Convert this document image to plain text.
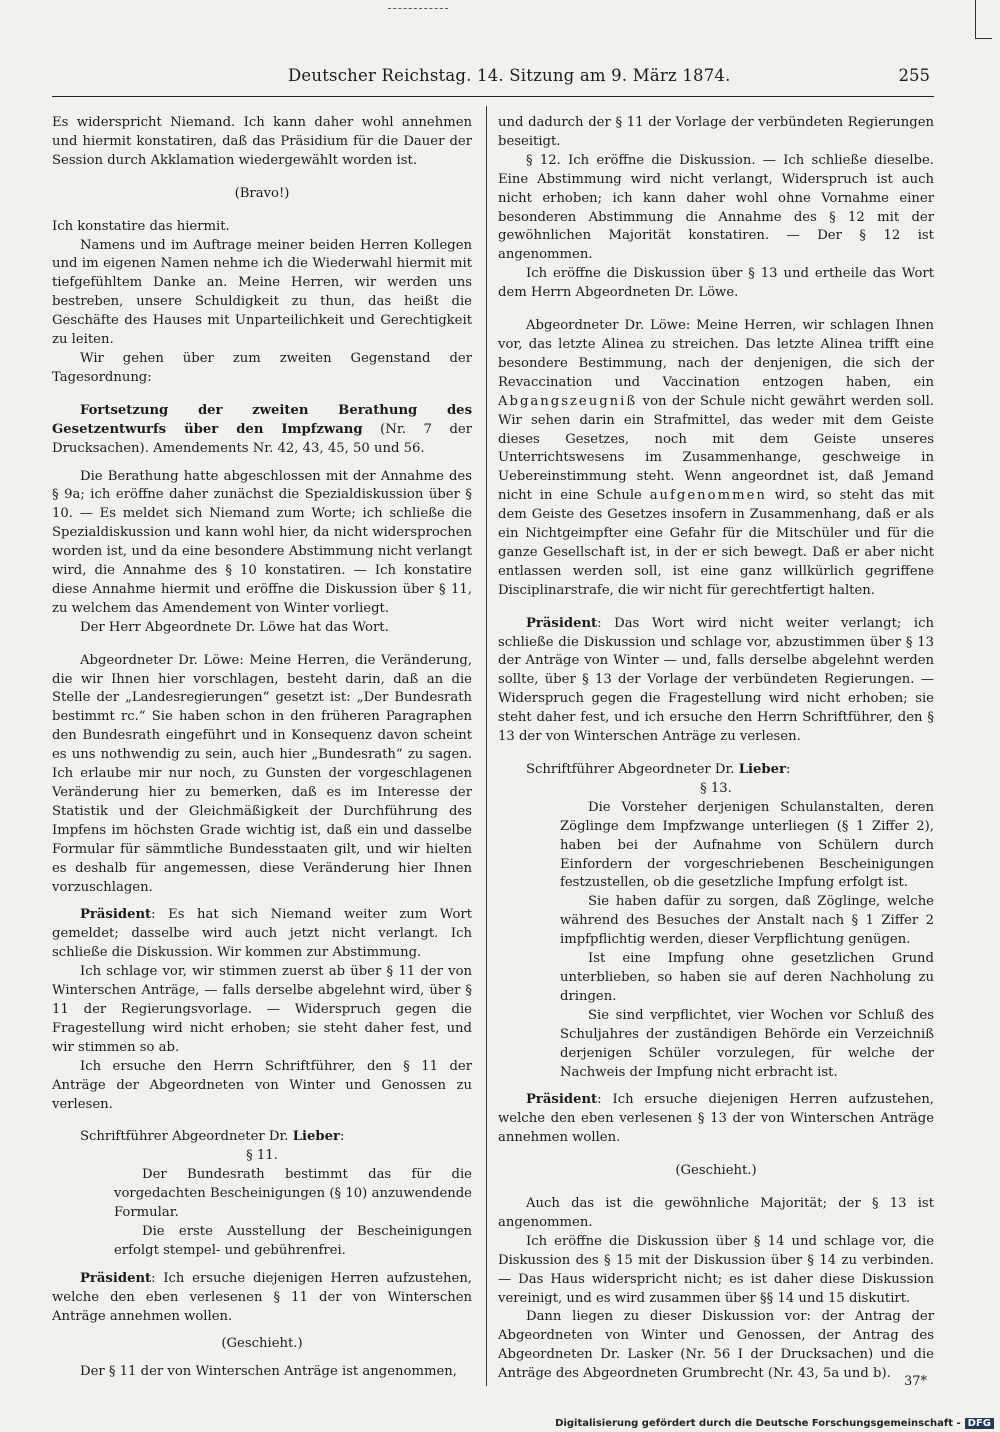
Deutscher Reichstag. 14. Sitzung am 9. März 1874.	255

Es widerspricht Niemand. Ich kann daher wohl annehmen und hiermit konstatiren, daß das Präsidium für die Dauer der Session durch Akklamation wiedergewählt worden ist.

(Bravo!)

Ich konstatire das hiermit.

Namens und im Auftrage meiner beiden Herren Kollegen und im eigenen Namen nehme ich die Wiederwahl hiermit mit tiefgefühltem Danke an. Meine Herren, wir werden uns bestreben, unsere Schuldigkeit zu thun, das heißt die Geschäfte des Hauses mit Unparteilichkeit und Gerechtigkeit zu leiten.

Wir gehen über zum zweiten Gegenstand der Tagesordnung:

Fortsetzung der zweiten Berathung des Gesetzentwurfs über den Impfzwang (Nr. 7 der Drucksachen). Amendements Nr. 42, 43, 45, 50 und 56.

Die Berathung hatte abgeschlossen mit der Annahme des § 9a; ich eröffne daher zunächst die Spezialdiskussion über § 10. — Es meldet sich Niemand zum Worte; ich schließe die Spezialdiskussion und kann wohl hier, da nicht widersprochen worden ist, und da eine besondere Abstimmung nicht verlangt wird, die Annahme des § 10 konstatiren. — Ich konstatire diese Annahme hiermit und eröffne die Diskussion über § 11, zu welchem das Amendement von Winter vorliegt.

Der Herr Abgeordnete Dr. Löwe hat das Wort.

Abgeordneter Dr. Löwe: Meine Herren, die Veränderung, die wir Ihnen hier vorschlagen, besteht darin, daß an die Stelle der „Landesregierungen“ gesetzt ist: „Der Bundesrath bestimmt rc.“ Sie haben schon in den früheren Paragraphen den Bundesrath eingeführt und in Konsequenz davon scheint es uns nothwendig zu sein, auch hier „Bundesrath“ zu sagen. Ich erlaube mir nur noch, zu Gunsten der vorgeschlagenen Veränderung hier zu bemerken, daß es im Interesse der Statistik und der Gleichmäßigkeit der Durchführung des Impfens im höchsten Grade wichtig ist, daß ein und dasselbe Formular für sämmtliche Bundesstaaten gilt, und wir hielten es deshalb für angemessen, diese Veränderung hier Ihnen vorzuschlagen.

Präsident: Es hat sich Niemand weiter zum Wort gemeldet; dasselbe wird auch jetzt nicht verlangt. Ich schließe die Diskussion. Wir kommen zur Abstimmung.

Ich schlage vor, wir stimmen zuerst ab über § 11 der von Winterschen Anträge, — falls derselbe abgelehnt wird, über § 11 der Regierungsvorlage. — Widerspruch gegen die Fragestellung wird nicht erhoben; sie steht daher fest, und wir stimmen so ab.

Ich ersuche den Herrn Schriftführer, den § 11 der Anträge der Abgeordneten von Winter und Genossen zu verlesen.

Schriftführer Abgeordneter Dr. Lieber:

§ 11.

Der Bundesrath bestimmt das für die vorgedachten Bescheinigungen (§ 10) anzuwendende Formular.

Die erste Ausstellung der Bescheinigungen erfolgt stempel- und gebührenfrei.

Präsident: Ich ersuche diejenigen Herren aufzustehen, welche den eben verlesenen § 11 der von Winterschen Anträge annehmen wollen.

(Geschieht.)

Der § 11 der von Winterschen Anträge ist angenommen,

und dadurch der § 11 der Vorlage der verbündeten Regierungen beseitigt.

§ 12. Ich eröffne die Diskussion. — Ich schließe dieselbe. Eine Abstimmung wird nicht verlangt, Widerspruch ist auch nicht erhoben; ich kann daher wohl ohne Vornahme einer besonderen Abstimmung die Annahme des § 12 mit der gewöhnlichen Majorität konstatiren. — Der § 12 ist angenommen.

Ich eröffne die Diskussion über § 13 und ertheile das Wort dem Herrn Abgeordneten Dr. Löwe.

Abgeordneter Dr. Löwe: Meine Herren, wir schlagen Ihnen vor, das letzte Alinea zu streichen. Das letzte Alinea trifft eine besondere Bestimmung, nach der denjenigen, die sich der Revaccination und Vaccination entzogen haben, ein Abgangszeugniß von der Schule nicht gewährt werden soll. Wir sehen darin ein Strafmittel, das weder mit dem Geiste dieses Gesetzes, noch mit dem Geiste unseres Unterrichtswesens im Zusammenhange, geschweige in Uebereinstimmung steht. Wenn angeordnet ist, daß Jemand nicht in eine Schule aufgenommen wird, so steht das mit dem Geiste des Gesetzes insofern in Zusammenhang, daß er als ein Nichtgeimpfter eine Gefahr für die Mitschüler und für die ganze Gesellschaft ist, in der er sich bewegt. Daß er aber nicht entlassen werden soll, ist eine ganz willkürlich gegriffene Disciplinarstrafe, die wir nicht für gerechtfertigt halten.

Präsident: Das Wort wird nicht weiter verlangt; ich schließe die Diskussion und schlage vor, abzustimmen über § 13 der Anträge von Winter — und, falls derselbe abgelehnt werden sollte, über § 13 der Vorlage der verbündeten Regierungen. — Widerspruch gegen die Fragestellung wird nicht erhoben; sie steht daher fest, und ich ersuche den Herrn Schriftführer, den § 13 der von Winterschen Anträge zu verlesen.

Schriftführer Abgeordneter Dr. Lieber:

§ 13.

Die Vorsteher derjenigen Schulanstalten, deren Zöglinge dem Impfzwange unterliegen (§ 1 Ziffer 2), haben bei der Aufnahme von Schülern durch Einfordern der vorgeschriebenen Bescheinigungen festzustellen, ob die gesetzliche Impfung erfolgt ist.

Sie haben dafür zu sorgen, daß Zöglinge, welche während des Besuches der Anstalt nach § 1 Ziffer 2 impfpflichtig werden, dieser Verpflichtung genügen.

Ist eine Impfung ohne gesetzlichen Grund unterblieben, so haben sie auf deren Nachholung zu dringen.

Sie sind verpflichtet, vier Wochen vor Schluß des Schuljahres der zuständigen Behörde ein Verzeichniß derjenigen Schüler vorzulegen, für welche der Nachweis der Impfung nicht erbracht ist.

Präsident: Ich ersuche diejenigen Herren aufzustehen, welche den eben verlesenen § 13 der von Winterschen Anträge annehmen wollen.

(Geschieht.)

Auch das ist die gewöhnliche Majorität; der § 13 ist angenommen.

Ich eröffne die Diskussion über § 14 und schlage vor, die Diskussion des § 15 mit der Diskussion über § 14 zu verbinden. — Das Haus widerspricht nicht; es ist daher diese Diskussion vereinigt, und es wird zusammen über §§ 14 und 15 diskutirt.

Dann liegen zu dieser Diskussion vor: der Antrag der Abgeordneten von Winter und Genossen, der Antrag des Abgeordneten Dr. Lasker (Nr. 56 I der Drucksachen) und die Anträge des Abgeordneten Grumbrecht (Nr. 43, 5a und b).

37*
Digitalisierung gefördert durch die Deutsche Forschungsgemeinschaft - DFG
